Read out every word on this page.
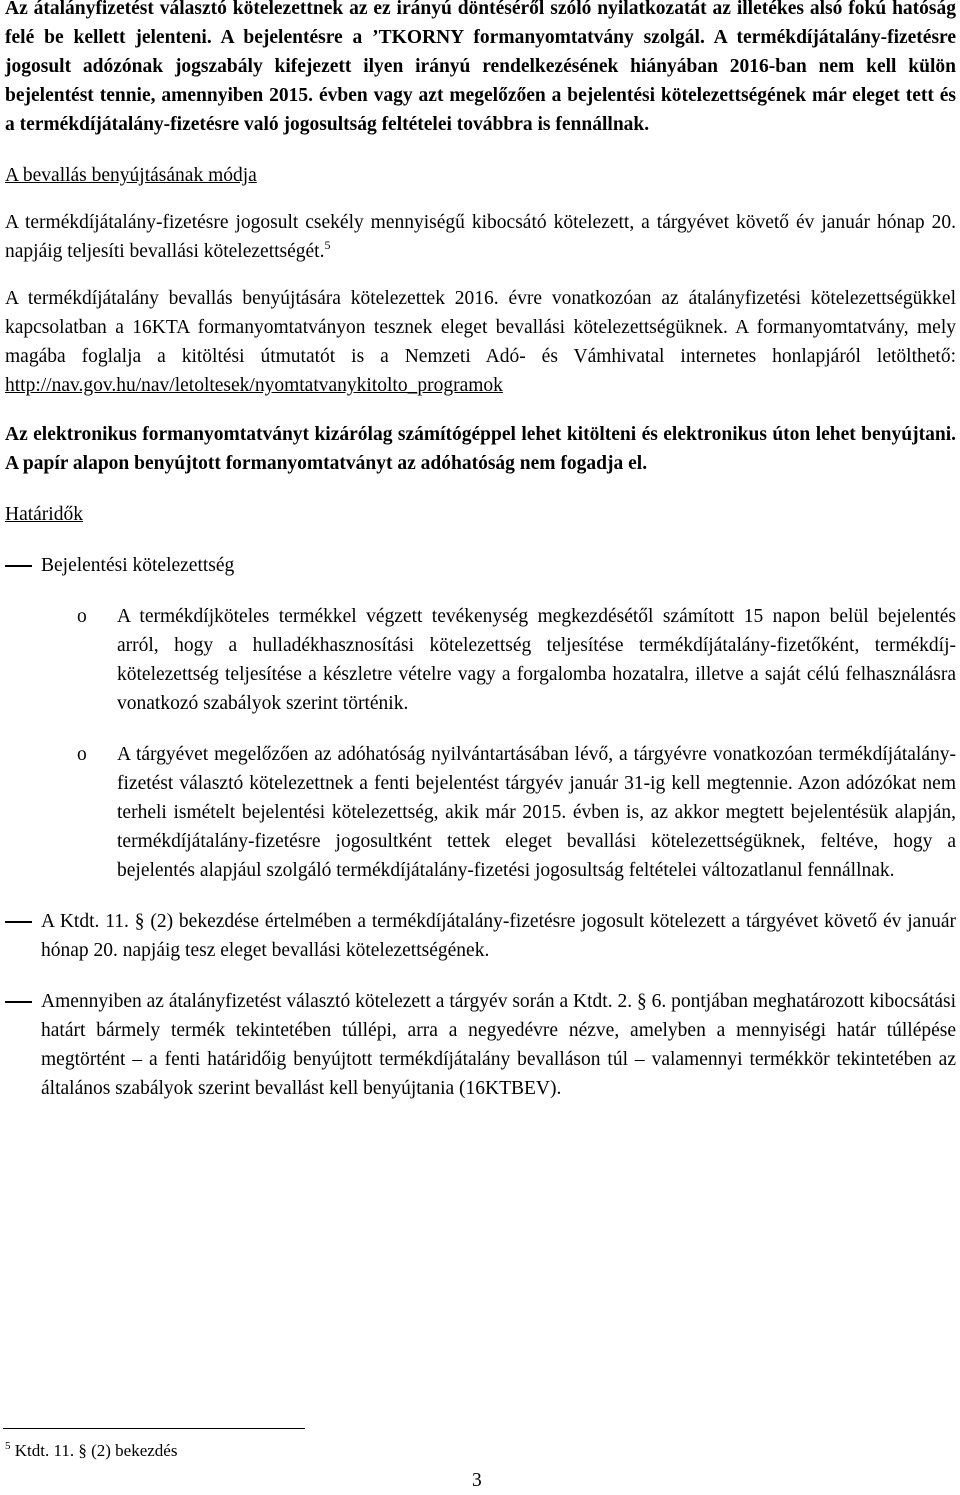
Az átalányfizetést választó kötelezettnek az ez irányú döntéséről szóló nyilatkozatát az illetékes alsó fokú hatóság felé be kellett jelenteni. A bejelentésre a ’TKORNY formanyomtatvány szolgál. A termékdíjátalány-fizetésre jogosult adózónak jogszabály kifejezett ilyen irányú rendelkezésének hiányában 2016-ban nem kell külön bejelentést tennie, amennyiben 2015. évben vagy azt megelőzően a bejelentési kötelezettségének már eleget tett és a termékdíjátalány-fizetésre való jogosultság feltételei továbbra is fennállnak.

A bevallás benyújtásának módja

A termékdíjátalány-fizetésre jogosult csekély mennyiségű kibocsátó kötelezett, a tárgyévet követő év január hónap 20. napjáig teljesíti bevallási kötelezettségét.$^5$

A termékdíjátalány bevallás benyújtására kötelezettek 2016. évre vonatkozóan az átalányfizetési kötelezettségükkel kapcsolatban a 16KTA formanyomtatványon tesznek eleget bevallási kötelezettségüknek. A formanyomtatvány, mely magába foglalja a kitöltési útmutatót is a Nemzeti Adó- és Vámhivatal internetes honlapjáról letölthető: http://nav.gov.hu/nav/letoltesek/nyomtatvanykitolto_programok

Az elektronikus formanyomtatványt kizárólag számítógéppel lehet kitölteni és elektronikus úton lehet benyújtani. A papír alapon benyújtott formanyomtatványt az adóhatóság nem fogadja el.

Határidők

Bejelentési kötelezettség

o A termékdíjköteles termékkel végzett tevékenység megkezdésétől számított 15 napon belül bejelentés arról, hogy a hulladékhasznosítási kötelezettség teljesítése termékdíjátalány-fizetőként, termékdíj-kötelezettség teljesítése a készletre vételre vagy a forgalomba hozatalra, illetve a saját célú felhasználásra vonatkozó szabályok szerint történik.

o A tárgyévet megelőzően az adóhatóság nyilvántartásában lévő, a tárgyévre vonatkozóan termékdíjátalány-fizetést választó kötelezettnek a fenti bejelentést tárgyév január 31-ig kell megtennie. Azon adózókat nem terheli ismételt bejelentési kötelezettség, akik már 2015. évben is, az akkor megtett bejelentésük alapján, termékdíjátalány-fizetésre jogosultként tettek eleget bevallási kötelezettségüknek, feltéve, hogy a bejelentés alapjául szolgáló termékdíjátalány-fizetési jogosultság feltételei változatlanul fennállnak.

A Ktdt. 11. § (2) bekezdése értelmében a termékdíjátalány-fizetésre jogosult kötelezett a tárgyévet követő év január hónap 20. napjáig tesz eleget bevallási kötelezettségének.

Amennyiben az átalányfizetést választó kötelezett a tárgyév során a Ktdt. 2. § 6. pontjában meghatározott kibocsátási határt bármely termék tekintetében túllépi, arra a negyedévre nézve, amelyben a mennyiségi határ túllépése megtörtént – a fenti határidőig benyújtott termékdíjátalány bevalláson túl – valamennyi termékkör tekintetében az általános szabályok szerint bevallást kell benyújtania (16KTBEV).

$^5$ Ktdt. 11. § (2) bekezdés
3
